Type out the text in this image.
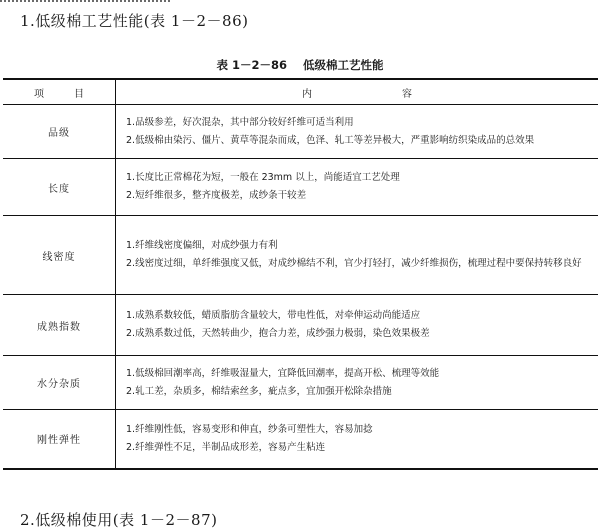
1.低级棉工艺性能(表 1－2－86)
表 1－2－86 低级棉工艺性能
项目	内容
品级	1.品级参差，好次混杂，其中部分较好纤维可适当利用
2.低级棉由染污、僵片、黄草等混杂而成，色泽、轧工等差异极大，严重影响纺织染成品的总效果

长度	1.长度比正常棉花为短，一般在 23mm 以上，尚能适宜工艺处理
2.短纤维很多，整齐度极差，成纱条干较差

线密度	1.纤维线密度偏细，对成纱强力有利
2.线密度过细，单纤维强度又低，对成纱棉结不利，官少打轻打，减少纤维损伤，梳理过程中要保持转移良好

成熟指数	1.成熟系数较低，蜡质脂肪含量较大，带电性低，对牵伸运动尚能适应
2.成熟系数过低，天然转曲少，抱合力差，成纱强力极弱，染色效果极差

水分杂质	1.低级棉回潮率高，纤维吸湿量大，宜降低回潮率，提高开松、梳理等效能
2.轧工差，杂质多，棉结索丝多，疵点多，宜加强开松除杂措施

刚性弹性	1.纤维刚性低，容易变形和伸直，纱条可塑性大，容易加捻
2.纤维弹性不足，半制品成形差，容易产生粘连
2.低级棉使用(表 1－2－87)
